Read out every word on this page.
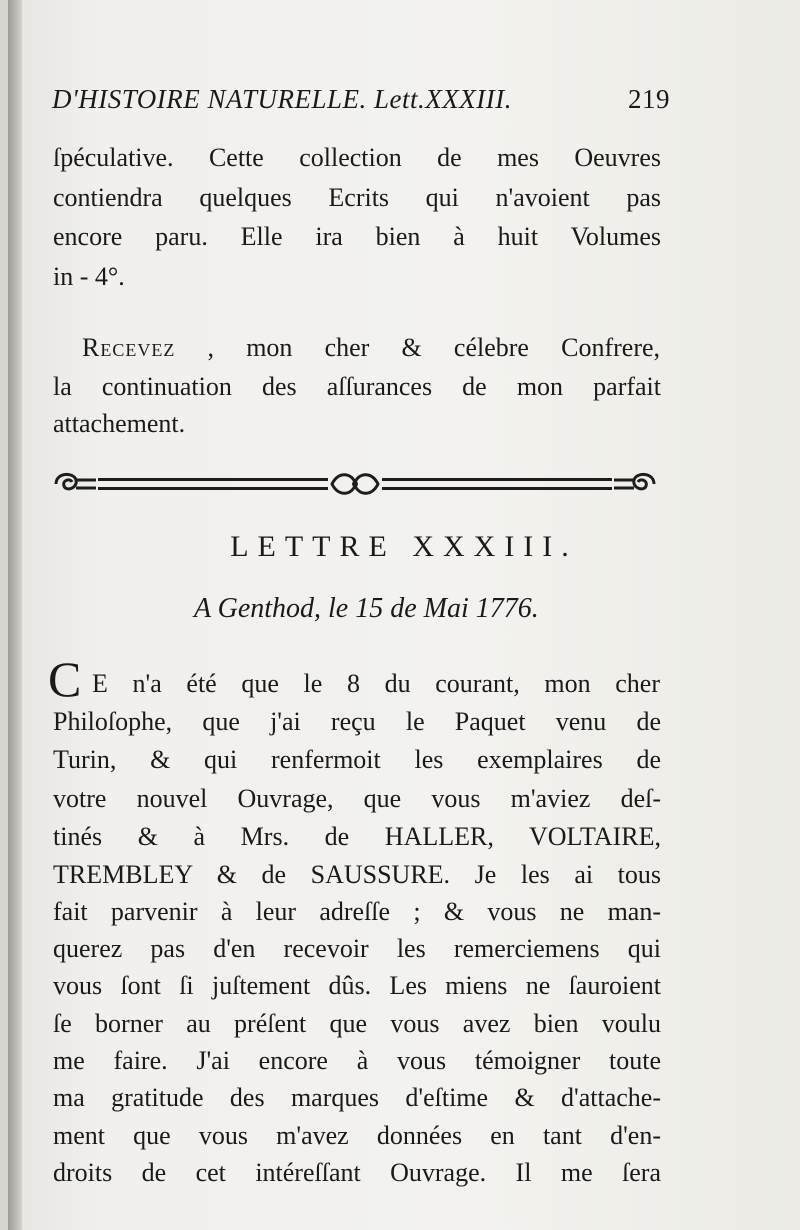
D'HISTOIRE NATURELLE. Lett.XXXIII.	219
ſpéculative. Cette collection de mes Oeuvres
contiendra quelques Ecrits qui n'avoient pas
encore paru. Elle ira bien à huit Volumes
in - 4°.
Recevez , mon cher & célebre Confrere,
la continuation des aſſurances de mon parfait
attachement.
LETTRE XXXIII.
A Genthod, le 15 de Mai 1776.
C E n'a été que le 8 du courant, mon cher
Philoſophe, que j'ai reçu le Paquet venu de
Turin, & qui renfermoit les exemplaires de
votre nouvel Ouvrage, que vous m'aviez deſ-
tinés & à Mrs. de HALLER, VOLTAIRE,
TREMBLEY & de SAUSSURE. Je les ai tous
fait parvenir à leur adreſſe ; & vous ne man-
querez pas d'en recevoir les remerciemens qui
vous ſont ſi juſtement dûs. Les miens ne ſauroient
ſe borner au préſent que vous avez bien voulu
me faire. J'ai encore à vous témoigner toute
ma gratitude des marques d'eſtime & d'attache-
ment que vous m'avez données en tant d'en-
droits de cet intéreſſant Ouvrage. Il me ſera
